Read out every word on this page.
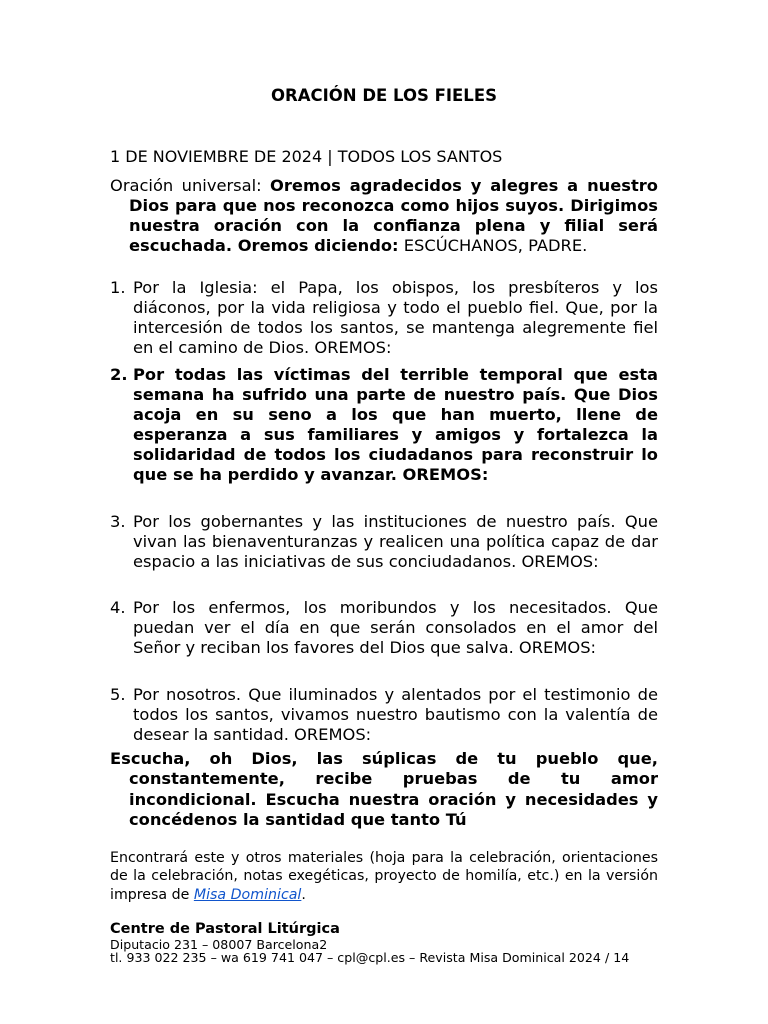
ORACIÓN DE LOS FIELES
1 DE NOVIEMBRE DE 2024 | TODOS LOS SANTOS
Oración universal: Oremos agradecidos y alegres a nuestro Dios para que nos reconozca como hijos suyos. Dirigimos nuestra oración con la confianza plena y filial será escuchada. Oremos diciendo: ESCÚCHANOS, PADRE.
1. Por la Iglesia: el Papa, los obispos, los presbíteros y los diáconos, por la vida religiosa y todo el pueblo fiel. Que, por la intercesión de todos los santos, se mantenga alegremente fiel en el camino de Dios. OREMOS:
2. Por todas las víctimas del terrible temporal que esta semana ha sufrido una parte de nuestro país. Que Dios acoja en su seno a los que han muerto, llene de esperanza a sus familiares y amigos y fortalezca la solidaridad de todos los ciudadanos para reconstruir lo que se ha perdido y avanzar. OREMOS:
3. Por los gobernantes y las instituciones de nuestro país. Que vivan las bienaventuranzas y realicen una política capaz de dar espacio a las iniciativas de sus conciudadanos. OREMOS:
4. Por los enfermos, los moribundos y los necesitados. Que puedan ver el día en que serán consolados en el amor del Señor y reciban los favores del Dios que salva. OREMOS:
5. Por nosotros. Que iluminados y alentados por el testimonio de todos los santos, vivamos nuestro bautismo con la valentía de desear la santidad. OREMOS:
Escucha, oh Dios, las súplicas de tu pueblo que, constantemente, recibe pruebas de tu amor incondicional. Escucha nuestra oración y necesidades y concédenos la santidad que tanto Tú
Encontrará este y otros materiales (hoja para la celebración, orientaciones de la celebración, notas exegéticas, proyecto de homilía, etc.) en la versión impresa de Misa Dominical.
Centre de Pastoral Litúrgica
Diputacio 231 – 08007 Barcelona2
tl. 933 022 235 – wa 619 741 047 – cpl@cpl.es – Revista Misa Dominical 2024 / 14
